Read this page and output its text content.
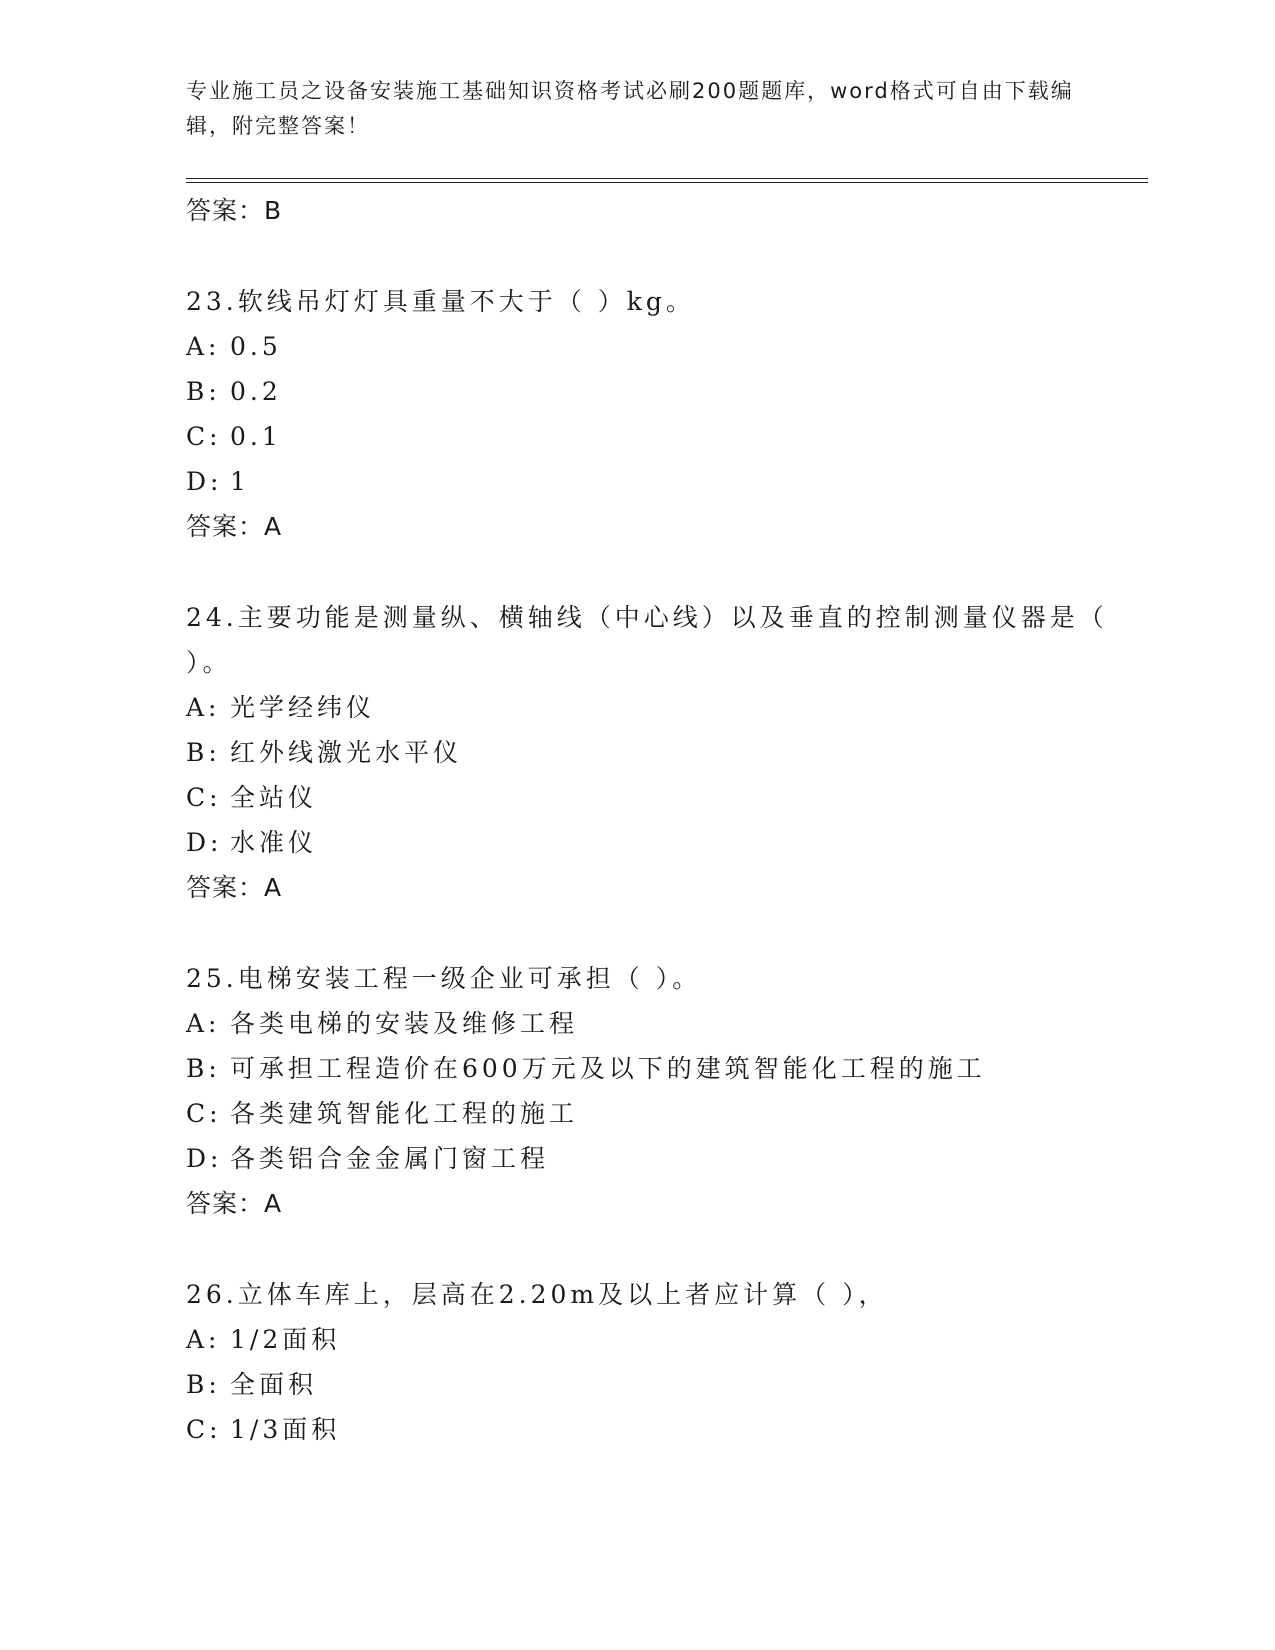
专业施工员之设备安装施工基础知识资格考试必刷200题题库，word格式可自由下载编辑，附完整答案！
答案：B
23.软线吊灯灯具重量不大于（ ）kg。
A: 0.5
B: 0.2
C: 0.1
D: 1
答案：A
24.主要功能是测量纵、横轴线（中心线）以及垂直的控制测量仪器是（ ）。
A: 光学经纬仪
B: 红外线激光水平仪
C: 全站仪
D: 水准仪
答案：A
25.电梯安装工程一级企业可承担（ ）。
A: 各类电梯的安装及维修工程
B: 可承担工程造价在600万元及以下的建筑智能化工程的施工
C: 各类建筑智能化工程的施工
D: 各类铝合金金属门窗工程
答案：A
26.立体车库上，层高在2.20m及以上者应计算（ ），
A: 1/2面积
B: 全面积
C: 1/3面积
